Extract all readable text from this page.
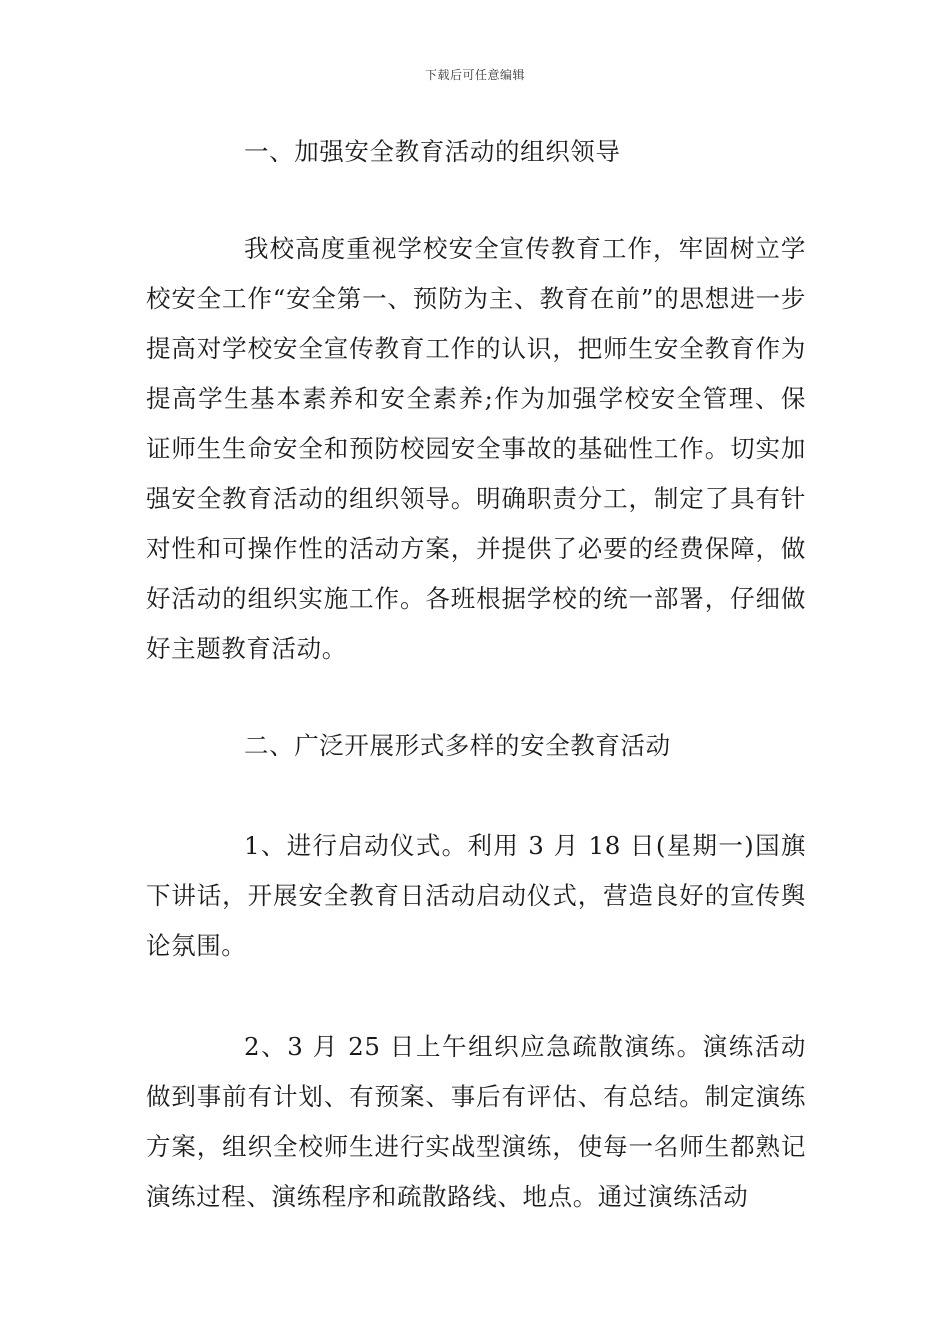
下载后可任意编辑
一、加强安全教育活动的组织领导
我校高度重视学校安全宣传教育工作，牢固树立学校安全工作“安全第一、预防为主、教育在前”的思想进一步提高对学校安全宣传教育工作的认识，把师生安全教育作为提高学生基本素养和安全素养;作为加强学校安全管理、保证师生生命安全和预防校园安全事故的基础性工作。切实加强安全教育活动的组织领导。明确职责分工，制定了具有针对性和可操作性的活动方案，并提供了必要的经费保障，做好活动的组织实施工作。各班根据学校的统一部署，仔细做好主题教育活动。
二、广泛开展形式多样的安全教育活动
1、进行启动仪式。利用 3 月 18 日(星期一)国旗下讲话，开展安全教育日活动启动仪式，营造良好的宣传舆论氛围。
2、3 月 25 日上午组织应急疏散演练。演练活动做到事前有计划、有预案、事后有评估、有总结。制定演练方案，组织全校师生进行实战型演练，使每一名师生都熟记演练过程、演练程序和疏散路线、地点。通过演练活动
